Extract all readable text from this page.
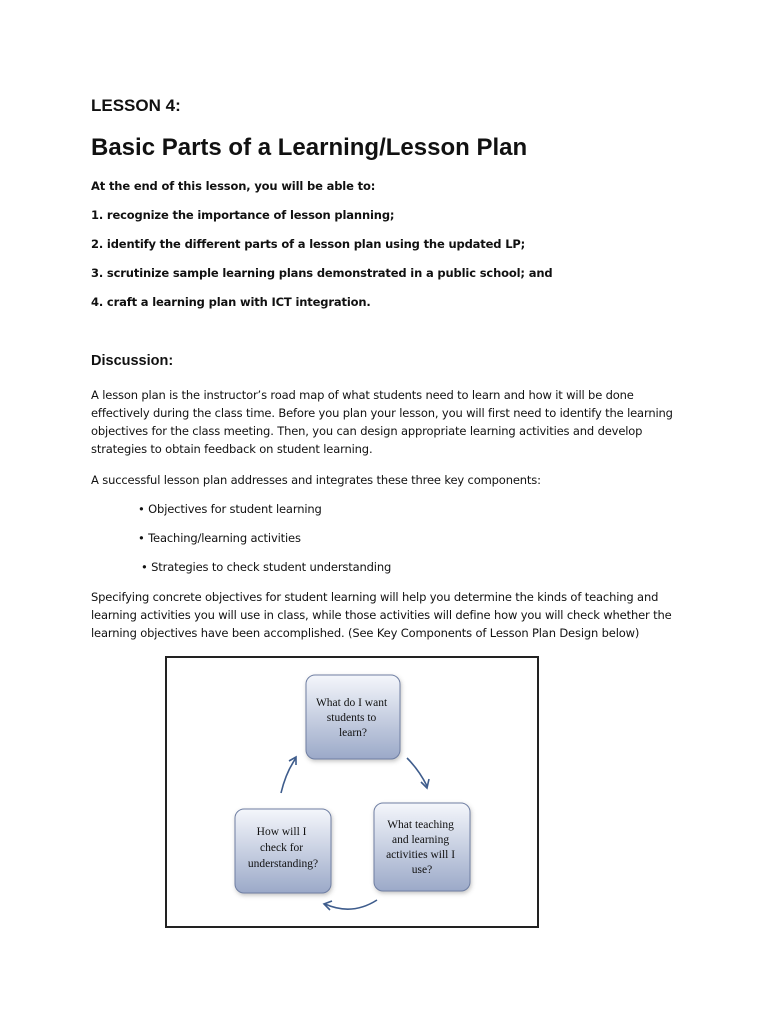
LESSON 4:
Basic Parts of a Learning/Lesson Plan
At the end of this lesson, you will be able to:
1. recognize the importance of lesson planning;
2. identify the different parts of a lesson plan using the updated LP;
3. scrutinize sample learning plans demonstrated in a public school; and
4. craft a learning plan with ICT integration.
Discussion:

A lesson plan is the instructor’s road map of what students need to learn and how it will be done effectively during the class time. Before you plan your lesson, you will first need to identify the learning objectives for the class meeting. Then, you can design appropriate learning activities and develop strategies to obtain feedback on student learning.

A successful lesson plan addresses and integrates these three key components:

• Objectives for student learning
• Teaching/learning activities
• Strategies to check student understanding

Specifying concrete objectives for student learning will help you determine the kinds of teaching and learning activities you will use in class, while those activities will define how you will check whether the learning objectives have been accomplished. (See Key Components of Lesson Plan Design below)

What do I want students to learn?
What teaching and learning activities will I use?
How will I check for understanding?
